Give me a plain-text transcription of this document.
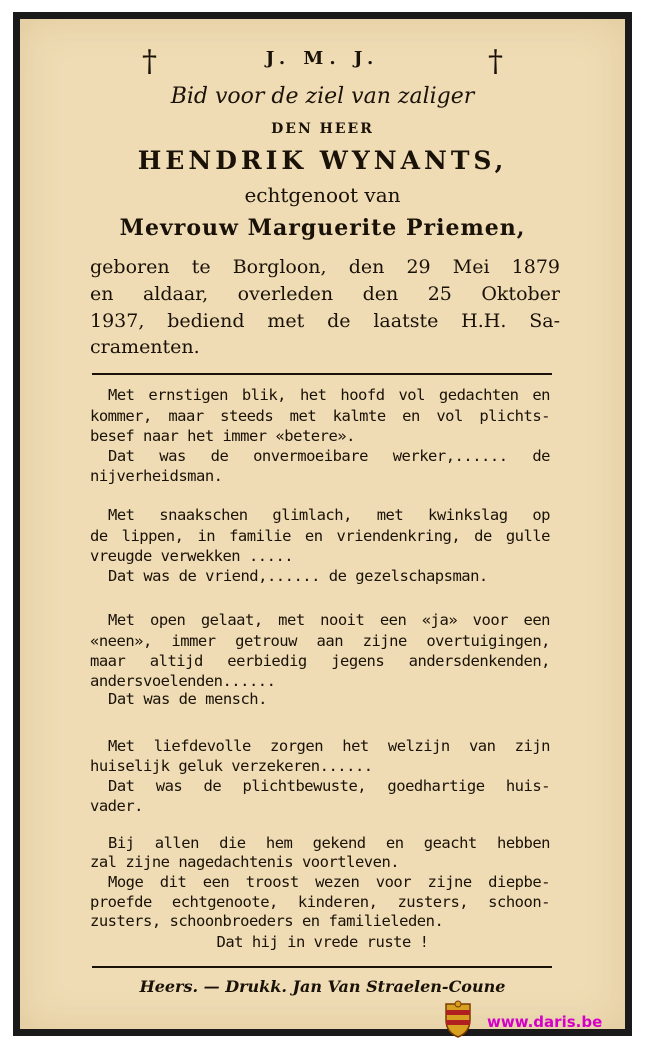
†	†
J. M. J.
Bid voor de ziel van zaliger
DEN HEER
HENDRIK WYNANTS,
echtgenoot van
Mevrouw Marguerite Priemen,
geboren te Borgloon, den 29 Mei 1879
en aldaar, overleden den 25 Oktober
1937, bediend met de laatste H.H. Sa-
cramenten.
Met ernstigen blik, het hoofd vol gedachten en
kommer, maar steeds met kalmte en vol plichts-
besef naar het immer «betere».
Dat was de onvermoeibare werker,...... de
nijverheidsman.
Met snaakschen glimlach, met kwinkslag op
de lippen, in familie en vriendenkring, de gulle
vreugde verwekken .....
Dat was de vriend,...... de gezelschapsman.
Met open gelaat, met nooit een «ja» voor een
«neen», immer getrouw aan zijne overtuigingen,
maar altijd eerbiedig jegens andersdenkenden,
andersvoelenden......
Dat was de mensch.
Met liefdevolle zorgen het welzijn van zijn
huiselijk geluk verzekeren......
Dat was de plichtbewuste, goedhartige huis-
vader.
Bij allen die hem gekend en geacht hebben
zal zijne nagedachtenis voortleven.
Moge dit een troost wezen voor zijne diepbe-
proefde echtgenoote, kinderen, zusters, schoon-
zusters, schoonbroeders en familieleden.
Dat hij in vrede ruste !
Heers. — Drukk. Jan Van Straelen-Coune
www.daris.be
